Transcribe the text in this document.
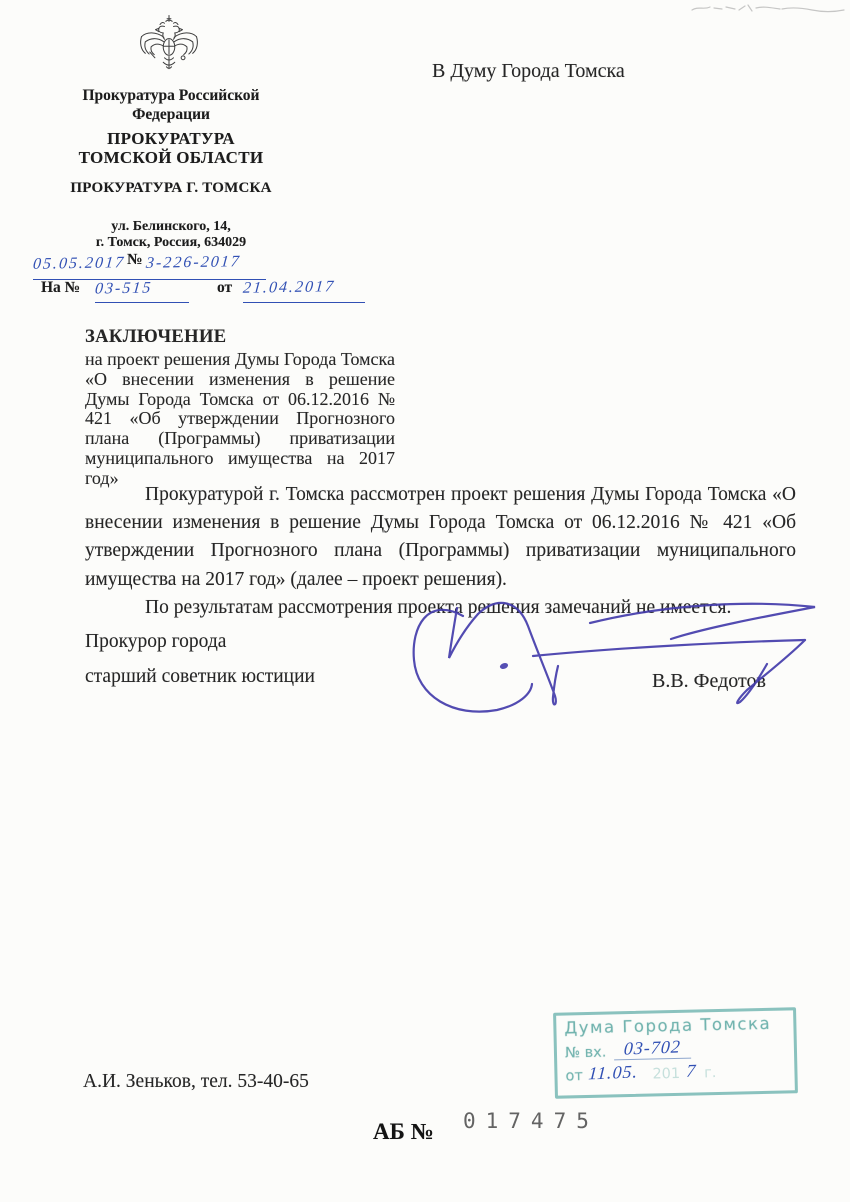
Прокуратура Российской
Федерации
ПРОКУРАТУРА
ТОМСКОЙ ОБЛАСТИ
ПРОКУРАТУРА Г. ТОМСКА
ул. Белинского, 14,
г. Томск, Россия, 634029
В Думу Города Томска
05.05.2017 № 3-226-2017
На № 03-515	от 21.04.2017
ЗАКЛЮЧЕНИЕ
на проект решения Думы Города Томска «О внесении изменения в решение Думы Города Томска от 06.12.2016 № 421 «Об утверждении Прогнозного плана (Программы) приватизации муниципального имущества на 2017 год»

Прокуратурой г. Томска рассмотрен проект решения Думы Города Томска «О внесении изменения в решение Думы Города Томска от 06.12.2016 № 421 «Об утверждении Прогнозного плана (Программы) приватизации муниципального имущества на 2017 год» (далее – проект решения).

По результатам рассмотрения проекта решения замечаний не имеется.

Прокурор города
старший советник юстиции	В.В. Федотов
Дума Города Томска
№ вх. 03-702
от 11.05. 201 7 г.
А.И. Зеньков, тел. 53-40-65
АБ № 017475
